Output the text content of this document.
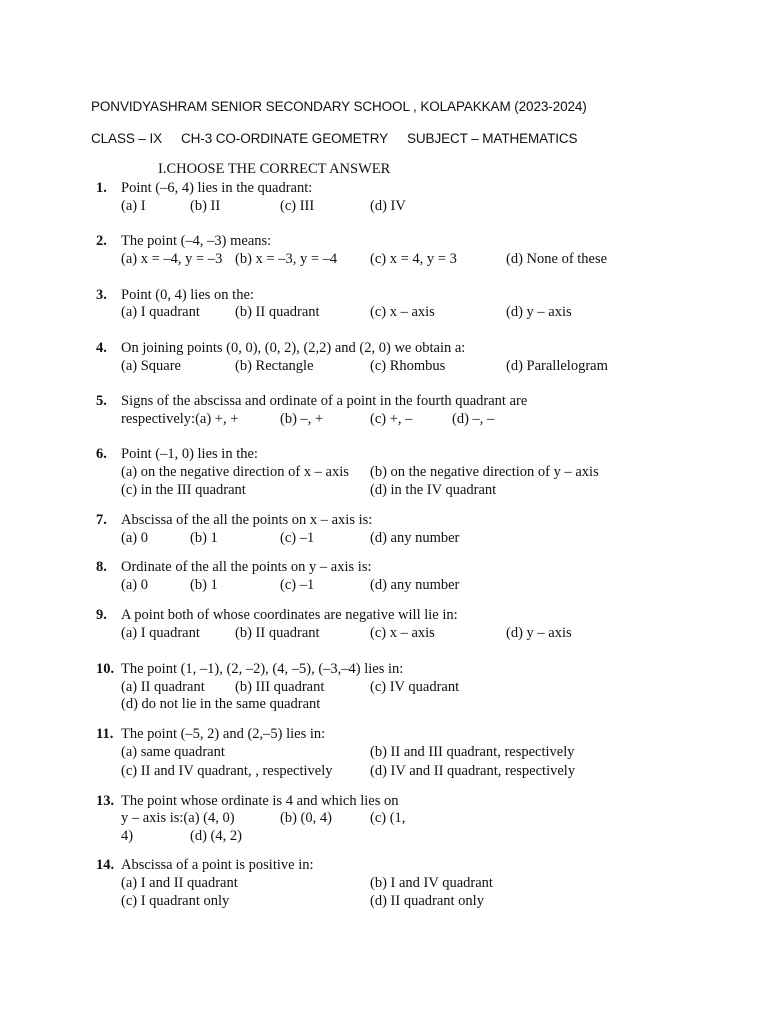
PONVIDYASHRAM SENIOR SECONDARY SCHOOL , KOLAPAKKAM (2023-2024)
CLASS – IX CH-3 CO-ORDINATE GEOMETRY SUBJECT – MATHEMATICS
I.CHOOSE THE CORRECT ANSWER
1. Point (–6, 4) lies in the quadrant:
(a) I	(b) II	(c) III	(d) IV
2. The point (–4, –3) means:
(a) x = –4, y = –3 (b) x = –3, y = –4 (c) x = 4, y = 3	(d) None of these
3. Point (0, 4) lies on the:
(a) I quadrant (b) II quadrant	(c) x – axis	(d) y – axis
4. On joining points (0, 0), (0, 2), (2,2) and (2, 0) we obtain a:
(a) Square	(b) Rectangle	(c) Rhombus	(d) Parallelogram
5. Signs of the abscissa and ordinate of a point in the fourth quadrant are
respectively:(a) +, +	(b) –, +	(c) +, –	(d) –, –
6. Point (–1, 0) lies in the:
(a) on the negative direction of x – axis (b) on the negative direction of y – axis
(c) in the III quadrant	(d) in the IV quadrant
7. Abscissa of the all the points on x – axis is:
(a) 0	(b) 1	(c) –1	(d) any number
8. Ordinate of the all the points on y – axis is:
(a) 0	(b) 1	(c) –1	(d) any number
9. A point both of whose coordinates are negative will lie in:
(a) I quadrant (b) II quadrant	(c) x – axis	(d) y – axis
10. The point (1, –1), (2, –2), (4, –5), (–3,–4) lies in:
(a) II quadrant (b) III quadrant	(c) IV quadrant
(d) do not lie in the same quadrant
11. The point (–5, 2) and (2,–5) lies in:
(a) same quadrant	(b) II and III quadrant, respectively
(c) II and IV quadrant, , respectively	(d) IV and II quadrant, respectively
13. The point whose ordinate is 4 and which lies on
y – axis is:(a) (4, 0)	(b) (0, 4)	(c) (1,
4)	(d) (4, 2)
14. Abscissa of a point is positive in:
(a) I and II quadrant	(b) I and IV quadrant
(c) I quadrant only	(d) II quadrant only
